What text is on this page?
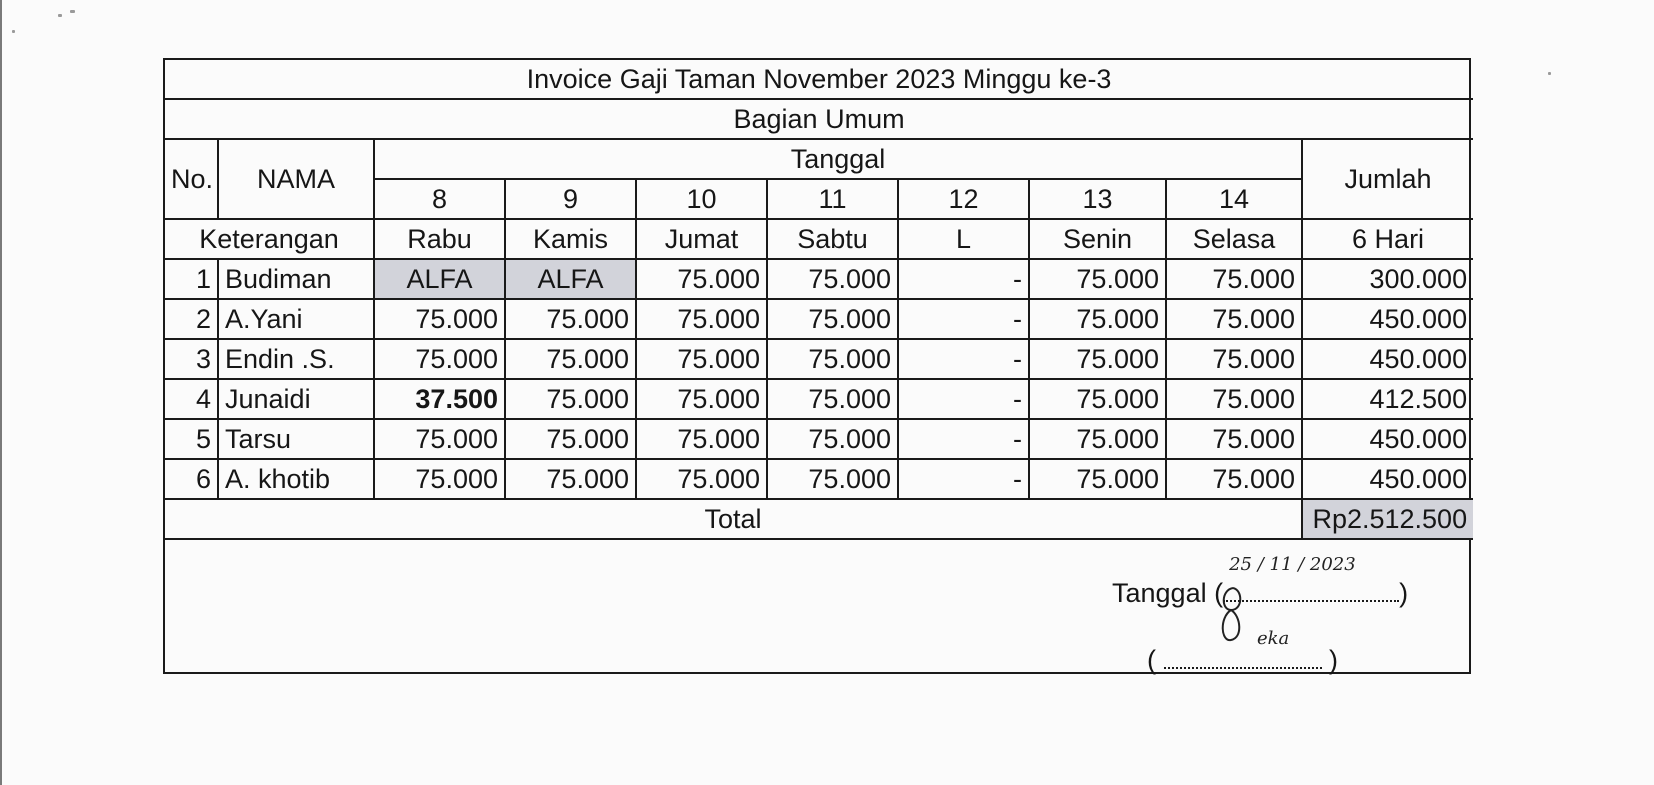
Invoice Gaji Taman November 2023 Minggu ke-3									
Bagian Umum									
No.	NAMA	Tanggal							Jumlah
		8	9	10	11	12	13	14	
Keterangan		Rabu	Kamis	Jumat	Sabtu	L	Senin	Selasa	6 Hari
1	Budiman	ALFA	ALFA	75.000	75.000	-	75.000	75.000	300.000
2	A.Yani	75.000	75.000	75.000	75.000	-	75.000	75.000	450.000
3	Endin .S.	75.000	75.000	75.000	75.000	-	75.000	75.000	450.000
4	Junaidi	37.500	75.000	75.000	75.000	-	75.000	75.000	412.500
5	Tarsu	75.000	75.000	75.000	75.000	-	75.000	75.000	450.000
6	A. khotib	75.000	75.000	75.000	75.000	-	75.000	75.000	450.000
Total									Rp2.512.500
Tanggal (
25 / 11 / 2023
)
eka
(	)
